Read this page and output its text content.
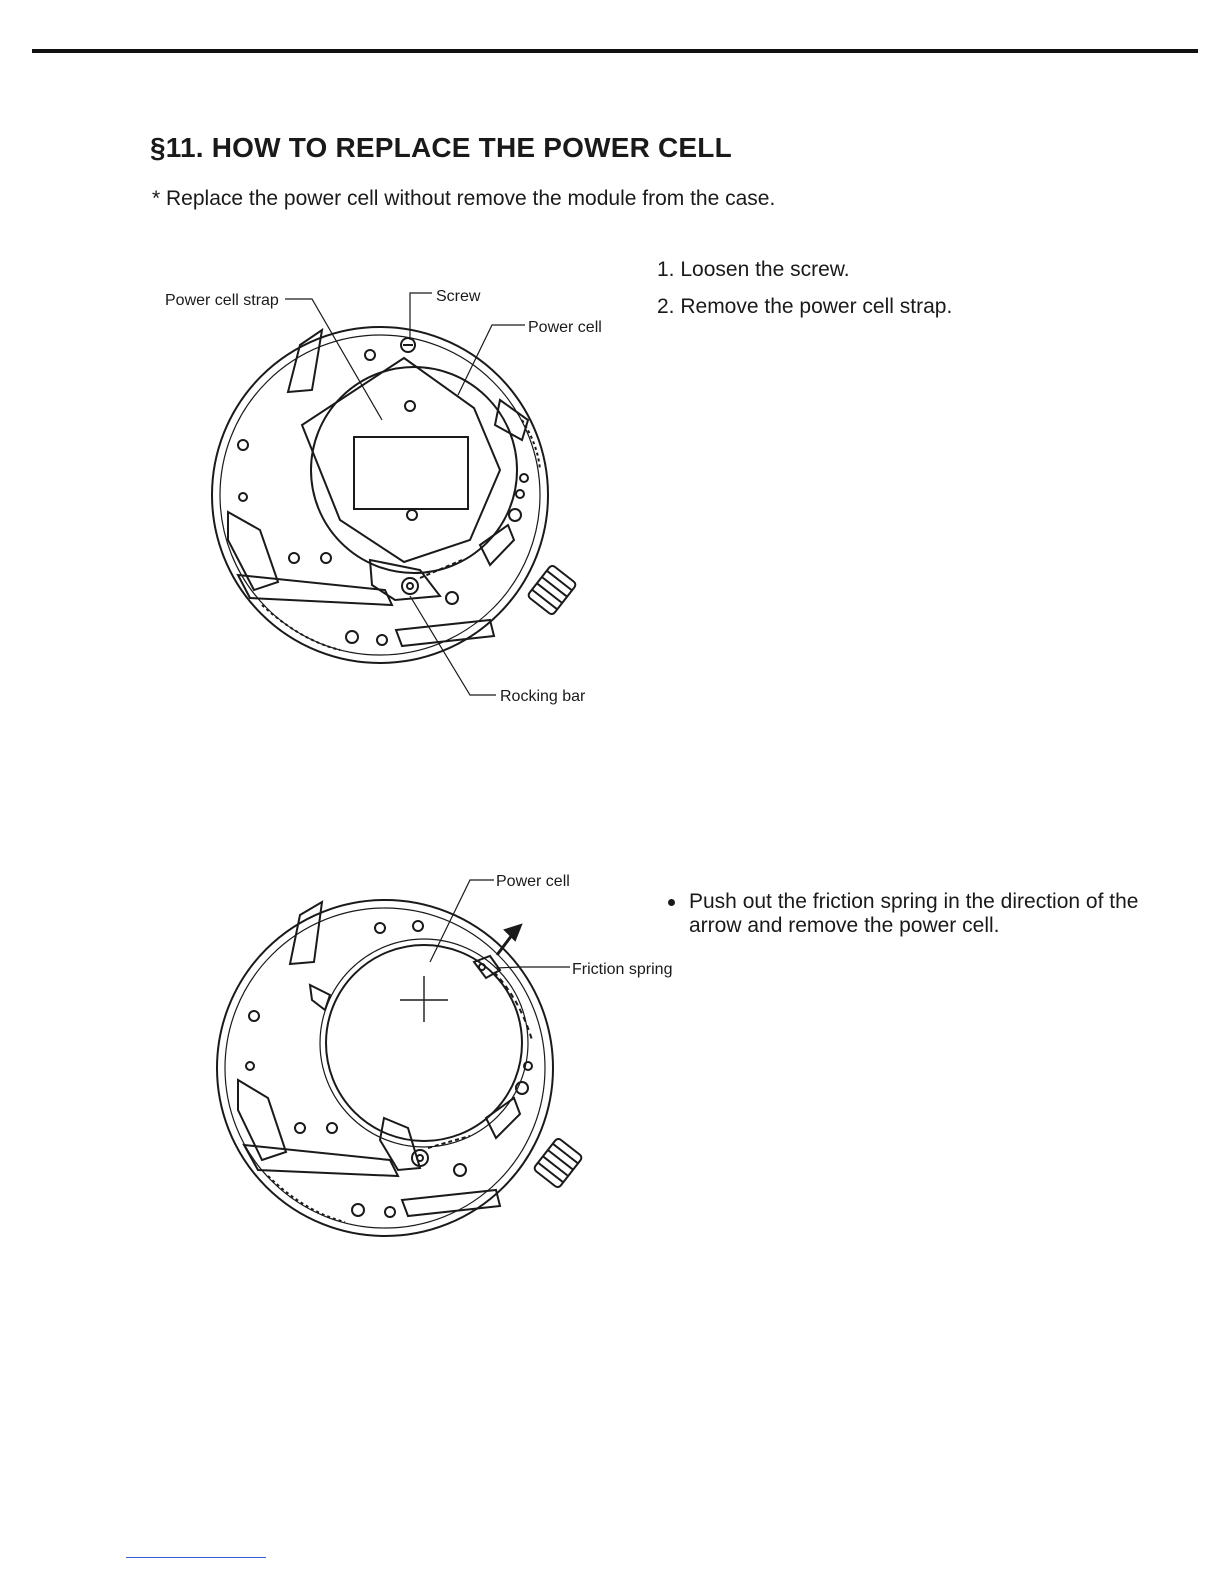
§11. HOW TO REPLACE THE POWER CELL

* Replace the power cell without remove the module from the case.

1. Loosen the screw.
2. Remove the power cell strap.
Power cell strap	Screw
Power cell
Rocking bar
Power cell
Friction spring
Push out the friction spring in the direction of the arrow and remove the power cell.
